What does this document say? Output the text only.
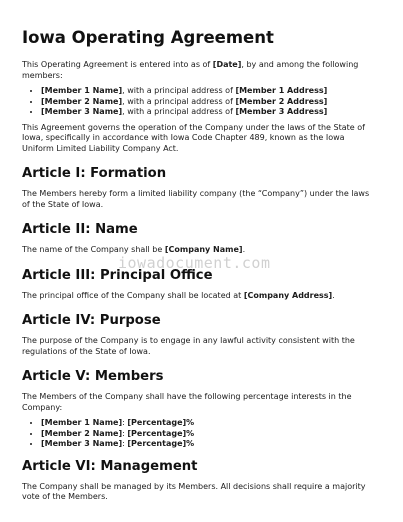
Iowa Operating Agreement

This Operating Agreement is entered into as of [Date], by and among the following members:

• [Member 1 Name], with a principal address of [Member 1 Address]
• [Member 2 Name], with a principal address of [Member 2 Address]
• [Member 3 Name], with a principal address of [Member 3 Address]

This Agreement governs the operation of the Company under the laws of the State of Iowa, specifically in accordance with Iowa Code Chapter 489, known as the Iowa Uniform Limited Liability Company Act.

Article I: Formation

The Members hereby form a limited liability company (the “Company”) under the laws of the State of Iowa.

Article II: Name

The name of the Company shall be [Company Name].

Article III: Principal Office

The principal office of the Company shall be located at [Company Address].

Article IV: Purpose

The purpose of the Company is to engage in any lawful activity consistent with the regulations of the State of Iowa.

Article V: Members

The Members of the Company shall have the following percentage interests in the Company:

• [Member 1 Name]: [Percentage]%
• [Member 2 Name]: [Percentage]%
• [Member 3 Name]: [Percentage]%
Article VI: Management

The Company shall be managed by its Members. All decisions shall require a majority vote of the Members.

iowadocument.com
